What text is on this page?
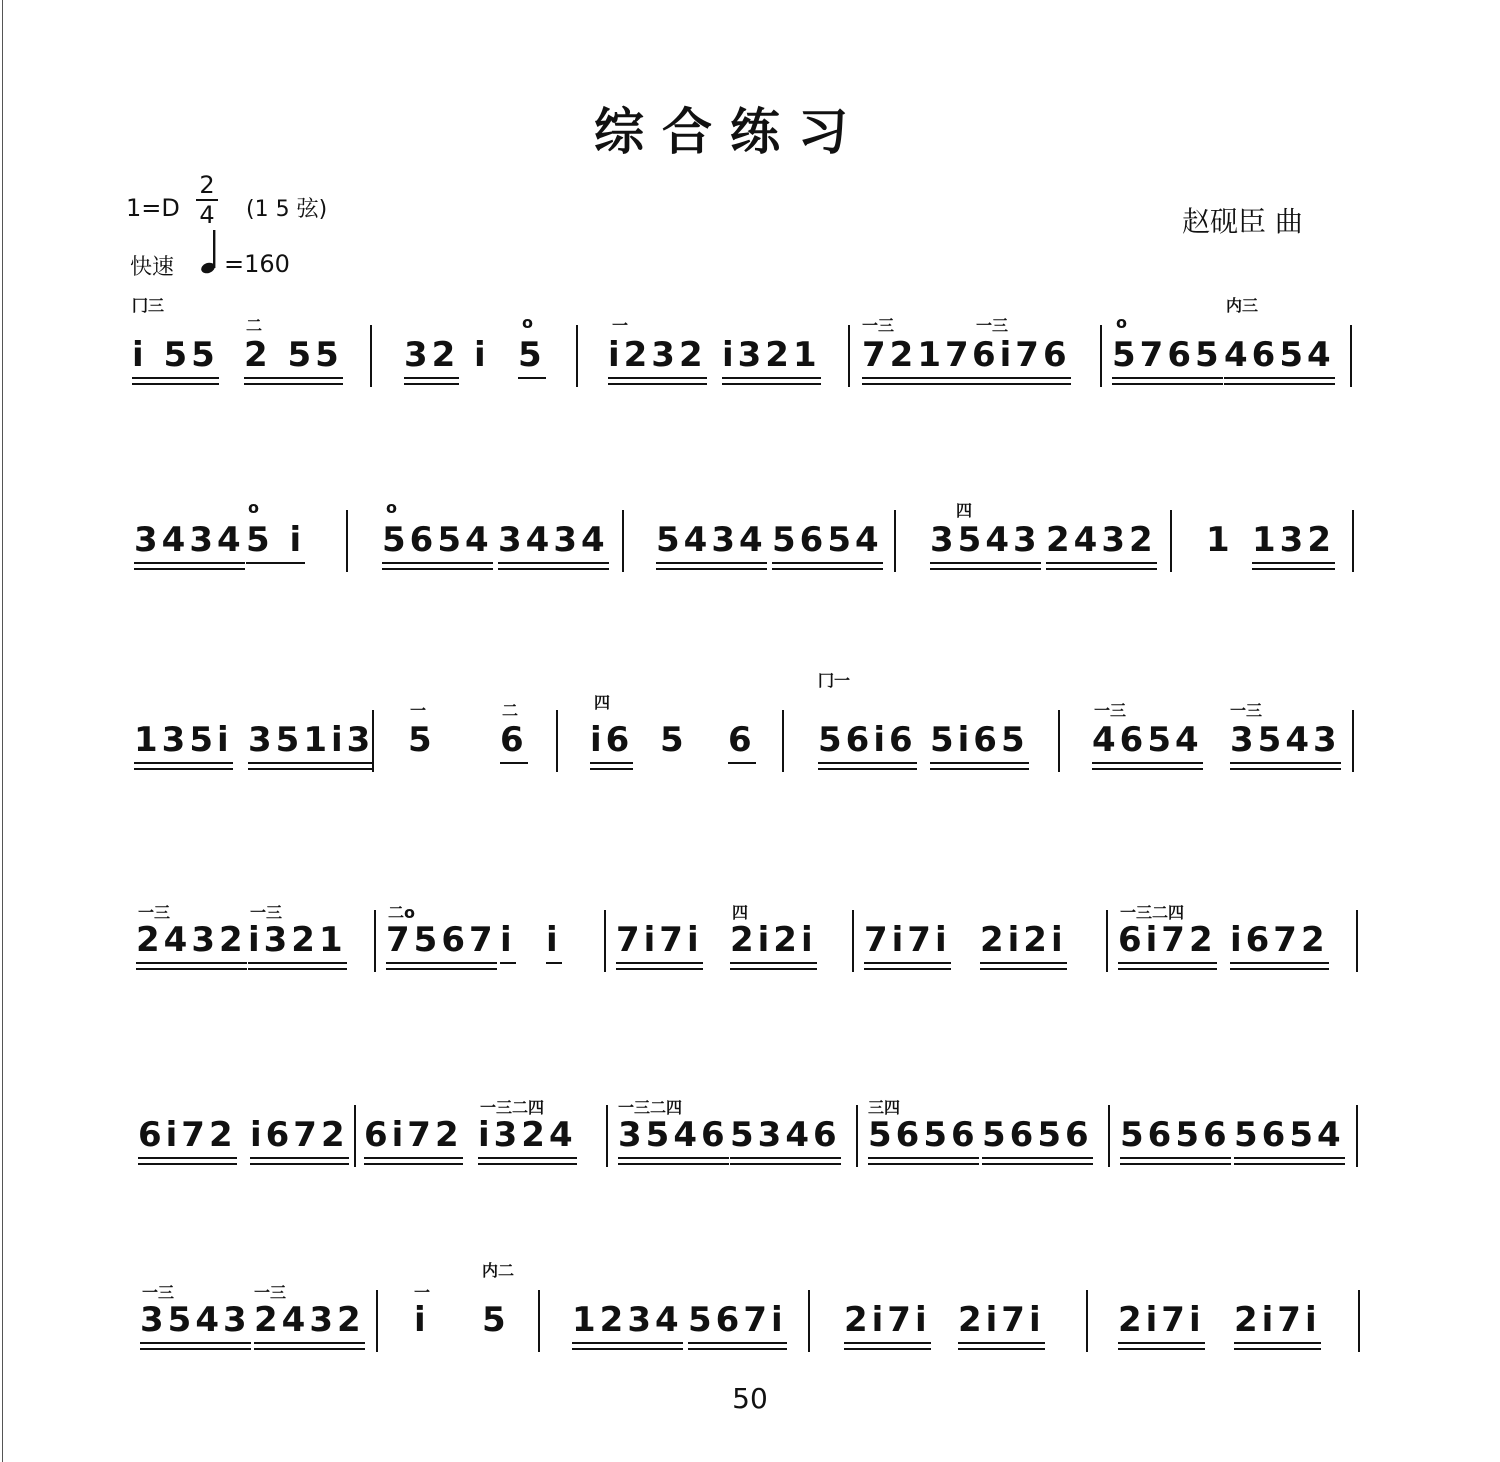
综合练习
1=D
2
4 (1 5 弦)	赵砚臣 曲
快速 =160
i 55 2 55 32 i 5 i232 i321 7217 6i76 5765 4654
冂三
二	o	一	一三	一三	o
内三
3434 5 i 5654 3434 5434 5654 3543 2432 1 132
o	o	四
135i 351i3 5 6 i6 5 6 56i6 5i65 4654 3543
一	二	四
冂一
一三	一三
2432 i321 7567 i i 7i7i 2i2i 7i7i 2i2i 6i72 i672
一三	一三	二o	四	一三二四
6i72 i672 6i72 i324 3546 5346 5656 5656 5656 5654
一三二四	一三二四	三四
3543 2432 i 5 1234 567i 2i7i 2i7i 2i7i 2i7i
一三	一三	一
内二
50
